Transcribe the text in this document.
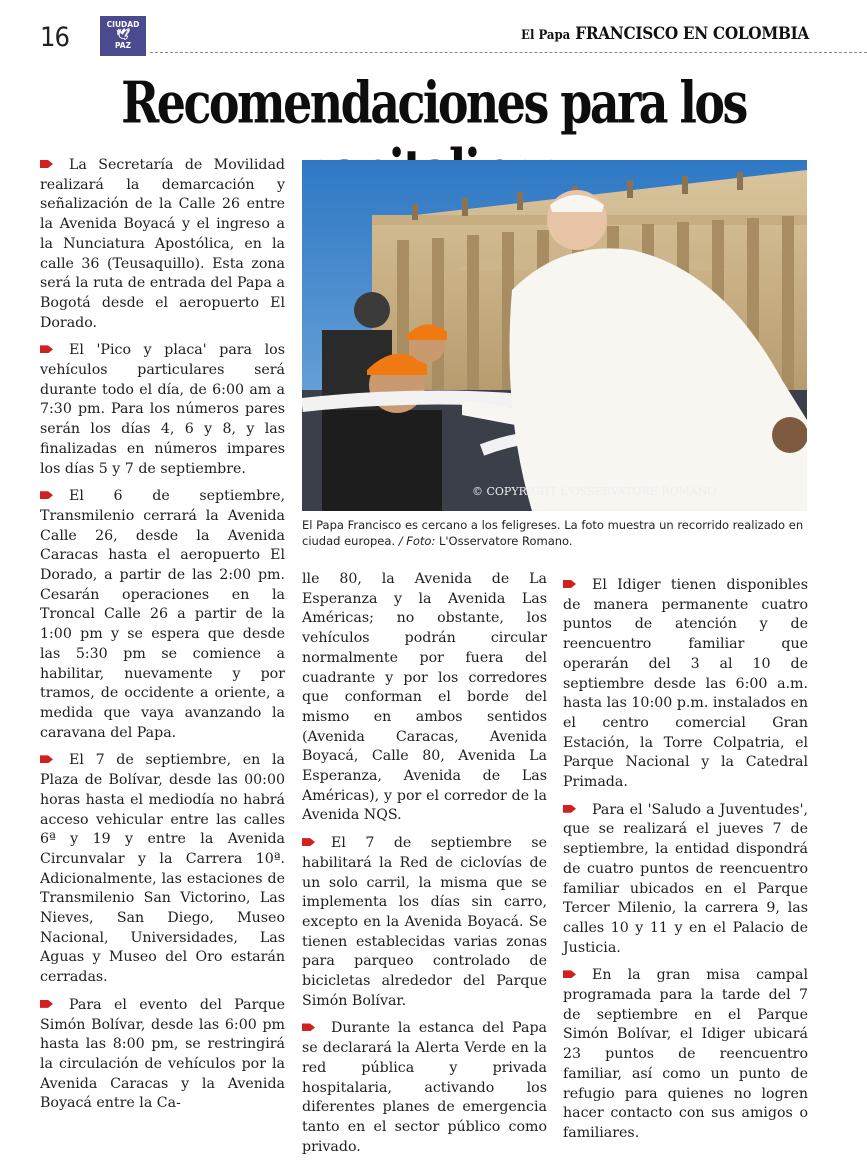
16	CIUDAD
🕊
PAZ
El Papa FRANCISCO EN COLOMBIA
Recomendaciones para los

La Secretaría de Movilidad realizará la demarcación y señalización de la Calle 26 entre la Avenida Boyacá y el ingreso a la Nunciatura Apostólica, en la calle 36 (Teusaquillo). Esta zona será la ruta de entrada del Papa a Bogotá desde el aeropuerto El Dorado.

El 'Pico y placa' para los vehículos particulares será durante todo el día, de 6:00 am a 7:30 pm. Para los números pares serán los días 4, 6 y 8, y las finalizadas en números impares los días 5 y 7 de septiembre.

El 6 de septiembre, Transmilenio cerrará la Avenida Calle 26, desde la Avenida Caracas hasta el aeropuerto El Dorado, a partir de las 2:00 pm. Cesarán operaciones en la Troncal Calle 26 a partir de la 1:00 pm y se espera que desde las 5:30 pm se comience a habilitar, nuevamente y por tramos, de occidente a oriente, a medida que vaya avanzando la caravana del Papa.

El 7 de septiembre, en la Plaza de Bolívar, desde las 00:00 horas hasta el mediodía no habrá acceso vehicular entre las calles 6ª y 19 y entre la Avenida Circunvalar y la Carrera 10ª. Adicionalmente, las estaciones de Transmilenio San Victorino, Las Nieves, San Diego, Museo Nacional, Universidades, Las Aguas y Museo del Oro estarán cerradas.

Para el evento del Parque Simón Bolívar, desde las 6:00 pm hasta las 8:00 pm, se restringirá la circulación de vehículos por la Avenida Caracas y la Avenida Boyacá entre la Ca-

© COPYRIGHT L'OSSERVATORE ROMANO
El Papa Francisco es cercano a los feligreses. La foto muestra un recorrido realizado en ciudad europea. / Foto: L'Osservatore Romano.

lle 80, la Avenida de La Esperanza y la Avenida Las Américas; no obstante, los vehículos podrán circular normalmente por fuera del cuadrante y por los corredores que conforman el borde del mismo en ambos sentidos (Avenida Caracas, Avenida Boyacá, Calle 80, Avenida La Esperanza, Avenida de Las Américas), y por el corredor de la Avenida NQS.

El 7 de septiembre se habilitará la Red de ciclovías de un solo carril, la misma que se implementa los días sin carro, excepto en la Avenida Boyacá. Se tienen establecidas varias zonas para parqueo controlado de bicicletas alrededor del Parque Simón Bolívar.

Durante la estanca del Papa se declarará la Alerta Verde en la red pública y privada hospitalaria, activando los diferentes planes de emergencia tanto en el sector público como privado.

El Idiger tienen disponibles de manera permanente cuatro puntos de atención y de reencuentro familiar que operarán del 3 al 10 de septiembre desde las 6:00 a.m. hasta las 10:00 p.m. instalados en el centro comercial Gran Estación, la Torre Colpatria, el Parque Nacional y la Catedral Primada.

Para el 'Saludo a Juventudes', que se realizará el jueves 7 de septiembre, la entidad dispondrá de cuatro puntos de reencuentro familiar ubicados en el Parque Tercer Milenio, la carrera 9, las calles 10 y 11 y en el Palacio de Justicia.

En la gran misa campal programada para la tarde del 7 de septiembre en el Parque Simón Bolívar, el Idiger ubicará 23 puntos de reencuentro familiar, así como un punto de refugio para quienes no logren hacer contacto con sus amigos o familiares.
